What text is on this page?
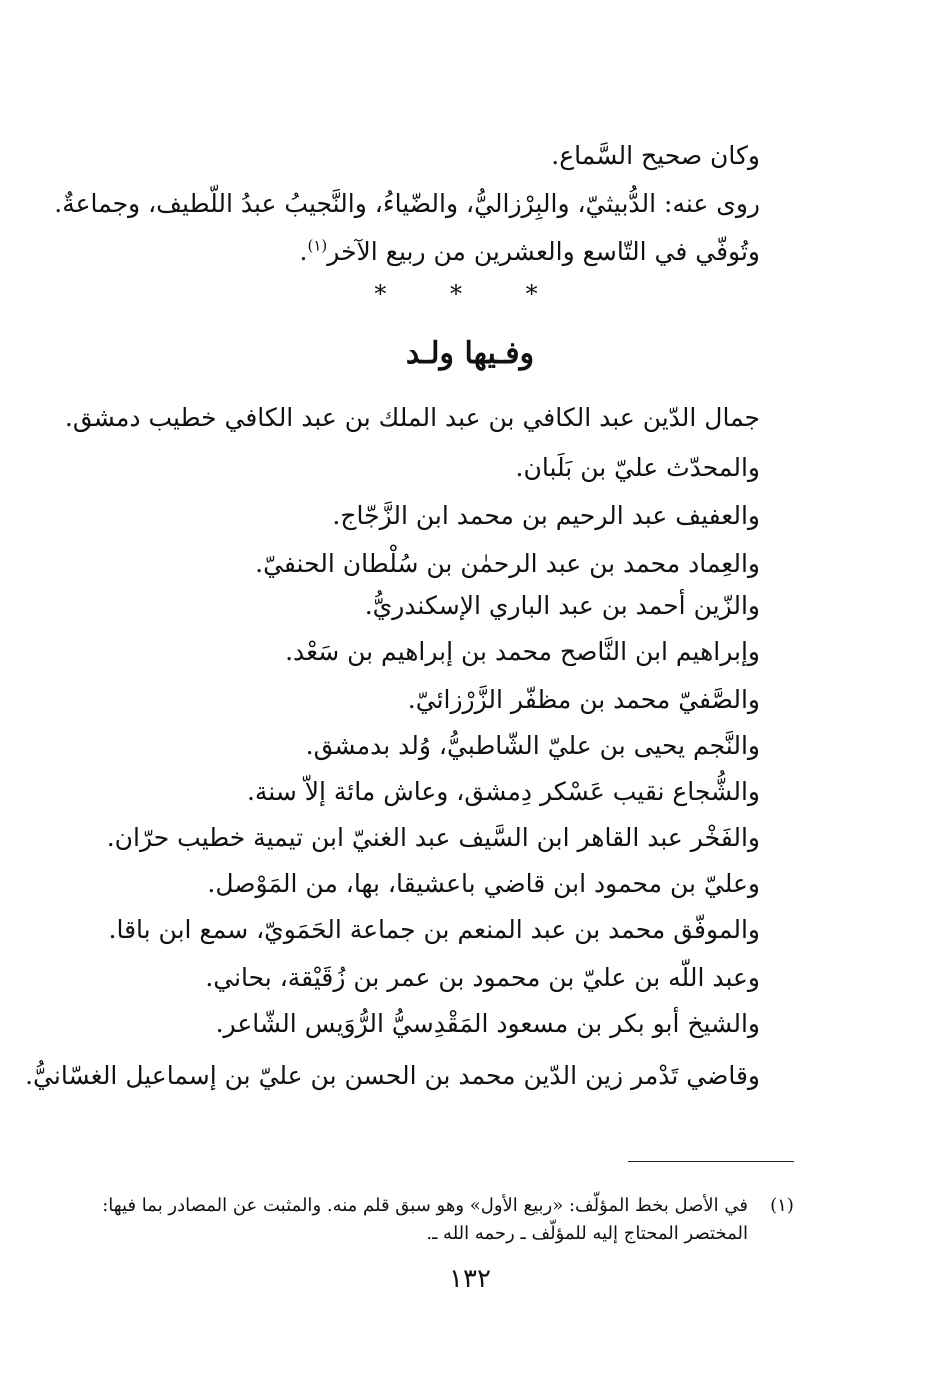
وكان صحيح السَّماع.
روى عنه: الدُّبيثيّ، والبِرْزاليُّ، والضّياءُ، والنَّجيبُ عبدُ اللّطيف، وجماعةٌ.
وتُوفّي في التّاسع والعشرين من ربيع الآخر$^{(١)}$.
* * *
وفـيها ولـد
جمال الدّين عبد الكافي بن عبد الملك بن عبد الكافي خطيب دمشق.
والمحدّث عليّ بن بَلَبان.
والعفيف عبد الرحيم بن محمد ابن الزَّجّاج.
والعِماد محمد بن عبد الرحمٰن بن سُلْطان الحنفيّ.
والزّين أحمد بن عبد الباري الإسكندريُّ.
وإبراهيم ابن النَّاصح محمد بن إبراهيم بن سَعْد.
والصَّفيّ محمد بن مظفّر الزَّرْزائيّ.
والنَّجم يحيى بن عليّ الشّاطبيُّ، وُلد بدمشق.
والشُّجاع نقيب عَسْكر دِمشق، وعاش مائة إلاّ سنة.
والفَخْر عبد القاهر ابن السَّيف عبد الغنيّ ابن تيمية خطيب حرّان.
وعليّ بن محمود ابن قاضي باعشيقا، بها، من المَوْصل.
والموفّق محمد بن عبد المنعم بن جماعة الحَمَويّ، سمع ابن باقا.
وعبد اللّه بن عليّ بن محمود بن عمر بن زُقَيْقة، بحاني.
والشيخ أبو بكر بن مسعود المَقْدِسيُّ الرُّوَيس الشّاعر.
وقاضي تَدْمر زين الدّين محمد بن الحسن بن عليّ بن إسماعيل الغسّانيُّ.
(١)
في الأصل بخط المؤلّف: «ربيع الأول» وهو سبق قلم منه. والمثبت عن المصادر بما فيها:
المختصر المحتاج إليه للمؤلّف ـ رحمه الله ـ.
١٣٢
